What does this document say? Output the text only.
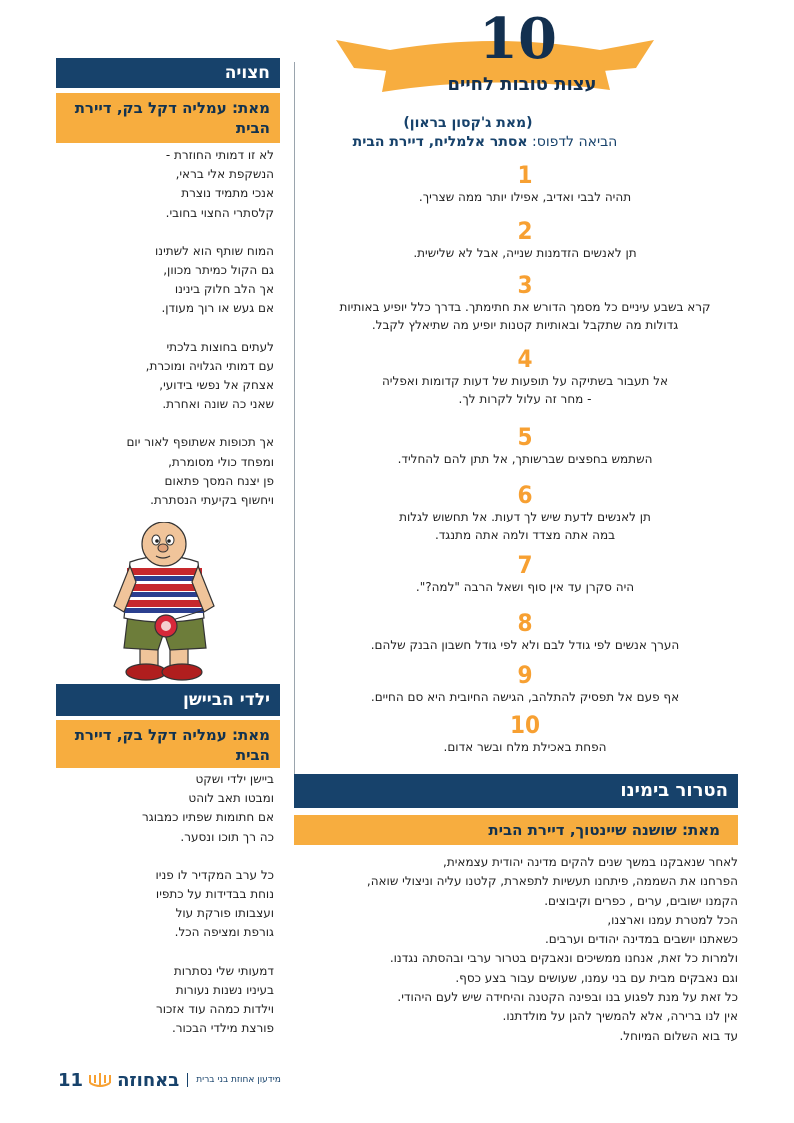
חצויה
מאת: עמליה דקל בק, דיירת הבית
לא זו דמותי החוזרת -
הנשקפת אלי בראי,
אנכי מתמיד נוצרת
קלסתרי החצוי בחובי.
המוח שותף הוא לשתינו
גם הקול כמיתר מכוון,
אך הלב חלוק בינינו
אם געש או רוך מעודן.
לעתים בחוצות בלכתי
עם דמותי הגלויה ומוכרת,
אצחק אל נפשי בידועי,
שאני כה שונה ואחרת.
אך תכופות אשתופף לאור יום
ומפחד כולי מסומרת,
פן יצנח המסך פתאום
ויחשוף בקיעתי הנסתרת.
ילדי הביישן
מאת: עמליה דקל בק, דיירת הבית
ביישן ילדי ושקט
ומבטו תאב לוהט
אם חתומות שפתיו כמבוגר
כה רך תוכו ונסער.
כל ערב המקדיר לו פניו
נוחת בבדידות על כתפיו
ועצבותו פורקת עול
גורפת ומציפה הכל.
דמעותי שלי נסתרות
בעיניו נשנות נעורות
וילדות כמהה עוד אזכור
פורצת מילדי הבכור.
10
עצות טובות לחיים
(מאת ג'קסון בראון)
הביאה לדפוס: אסתר אלמליח, דיירת הבית
1
תהיה לבבי ואדיב, אפילו יותר ממה שצריך.
2
תן לאנשים הזדמנות שנייה, אבל לא שלישית.
3
קרא בשבע עיניים כל מסמך הדורש את חתימתך. בדרך כלל יופיע באותיות
גדולות מה שתקבל ובאותיות קטנות יופיע מה שתיאלץ לקבל.
4
אל תעבור בשתיקה על תופעות של דעות קדומות ואפליה
- מחר זה עלול לקרות לך.
5
השתמש בחפצים שברשותך, אל תתן להם להחליד.
6
תן לאנשים לדעת שיש לך דעות. אל תחשוש לגלות
במה אתה מצדד ולמה אתה מתנגד.
7
היה סקרן עד אין סוף ושאל הרבה "למה?".
8
הערך אנשים לפי גודל לבם ולא לפי גודל חשבון הבנק שלהם.
9
אף פעם אל תפסיק להתלהב, הגישה החיובית היא סם החיים.
10
הפחת באכילת מלח ובשר אדום.
הטרור בימינו
מאת: שושנה שיינטוך, דיירת הבית
לאחר שנאבקנו במשך שנים להקים מדינה יהודית עצמאית,
הפרחנו את השממה, פיתחנו תעשיות לתפארת, קלטנו עליה וניצולי שואה,
הקמנו ישובים, ערים , כפרים וקיבוצים.
הכל למטרת עמנו וארצנו,
כשאתנו יושבים במדינה יהודים וערבים.
ולמרות כל זאת, אנחנו ממשיכים ונאבקים בטרור ערבי ובהסתה נגדנו.
וגם נאבקים מבית עם בני עמנו, שעושים עבור בצע כסף.
כל זאת על מנת לפגוע בנו ובפינה הקטנה והיחידה שיש לעם היהודי.
אין לנו ברירה, אלא להמשיך להגן על מולדתנו.
עד בוא השלום המיוחל.
11 באחוזה מידעון אחוזת בני ברית
